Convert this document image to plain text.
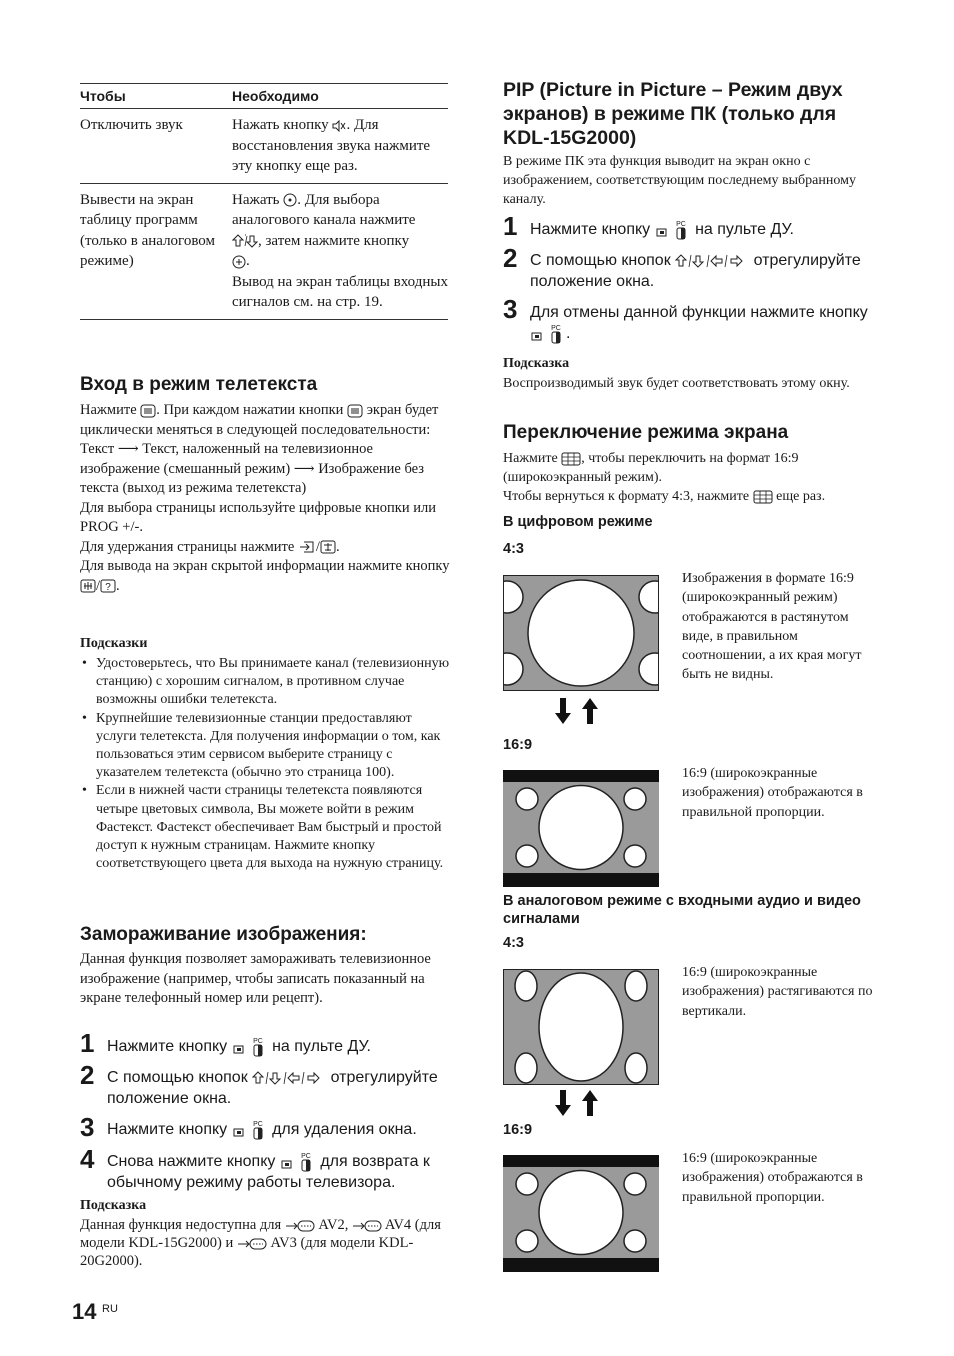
Чтобы	Необходимо
Отключить звук	Нажать кнопку . Для восстановления звука нажмите эту кнопку еще раз.
Вывести на экран таблицу программ (только в аналоговом режиме)	Нажать . Для выбора аналогового канала нажмите
, затем нажмите кнопку
.
Вывод на экран таблицы входных сигналов см. на стр. 19.
Вход в режим телетекста
Нажмите . При каждом нажатии кнопки экран будет циклически меняться в следующей последовательности:
Текст ⟶ Текст, наложенный на телевизионное изображение (смешанный режим) ⟶ Изображение без текста (выход из режима телетекста)
Для выбора страницы используйте цифровые кнопки или PROG +/-.
Для удержания страницы нажмите / .
Для вывода на экран скрытой информации нажмите кнопку / ? .
Подсказки
• Удостоверьтесь, что Вы принимаете канал (телевизионную станцию) с хорошим сигналом, в противном случае возможны ошибки телетекста.
• Крупнейшие телевизионные станции предоставляют услуги телетекста. Для получения информации о том, как пользоваться этим сервисом выберите страницу с указателем телетекста (обычно это страница 100).
• Если в нижней части страницы телетекста появляются четыре цветовых символа, Вы можете войти в режим Фастекст. Фастекст обеспечивает Вам быстрый и простой доступ к нужным страницам. Нажмите кнопку соответствующего цвета для выхода на нужную страницу.
Замораживание изображения:
Данная функция позволяет замораживать телевизионное изображение (например, чтобы записать показанный на экране телефонный номер или рецепт).
1 Нажмите кнопку	PC на пульте ДУ.
2 С помощью кнопок	отрегулируйте положение окна.
3 Нажмите кнопку	PC для удаления окна.
4 Снова нажмите кнопку	PC для возврата к обычному режиму работы телевизора.
Подсказка
Данная функция недоступна для	AV2,	AV4 (для модели KDL-15G2000) и	AV3 (для модели KDL-20G2000).
14 RU
PIP (Picture in Picture – Режим двух экранов) в режиме ПК (только для KDL-15G2000)
В режиме ПК эта функция выводит на экран окно с изображением, соответствующим последнему выбранному каналу.
1 Нажмите кнопку	PC на пульте ДУ.
2 С помощью кнопок	отрегулируйте положение окна.
3 Для отмены данной функции нажмите кнопку
PC .
Подсказка
Воспроизводимый звук будет соответствовать этому окну.
Переключение режима экрана
Нажмите , чтобы переключить на формат 16:9 (широкоэкранный режим).
Чтобы вернуться к формату 4:3, нажмите еще раз.
В цифровом режиме
4:3
Изображения в формате 16:9 (широкоэкранный режим) отображаются в растянутом виде, в правильном соотношении, а их края могут быть не видны.
16:9
16:9 (широкоэкранные изображения) отображаются в правильной пропорции.
В аналоговом режиме с входными аудио и видео сигналами
4:3
16:9 (широкоэкранные изображения) растягиваются по вертикали.
16:9
16:9 (широкоэкранные изображения) отображаются в правильной пропорции.
